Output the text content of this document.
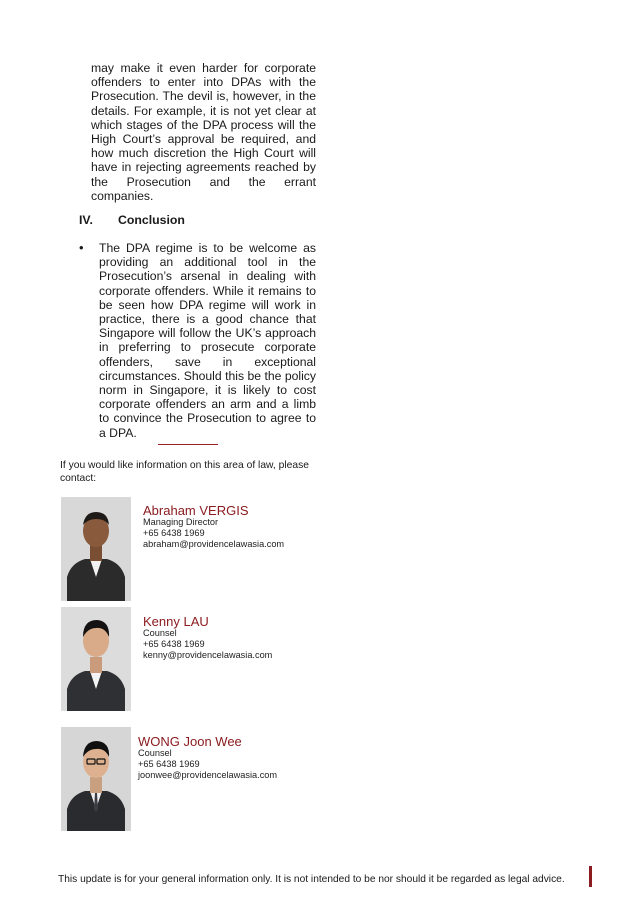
may make it even harder for corporate offenders to enter into DPAs with the Prosecution. The devil is, however, in the details. For example, it is not yet clear at which stages of the DPA process will the High Court’s approval be required, and how much discretion the High Court will have in rejecting agreements reached by the Prosecution and the errant companies.
IV. Conclusion
• The DPA regime is to be welcome as providing an additional tool in the Prosecution’s arsenal in dealing with corporate offenders. While it remains to be seen how DPA regime will work in practice, there is a good chance that Singapore will follow the UK’s approach in preferring to prosecute corporate offenders, save in exceptional circumstances. Should this be the policy norm in Singapore, it is likely to cost corporate offenders an arm and a limb to convince the Prosecution to agree to a DPA.
If you would like information on this area of law, please contact:
Abraham VERGIS
Managing Director
+65 6438 1969
abraham@providencelawasia.com
Kenny LAU
Counsel
+65 6438 1969
kenny@providencelawasia.com
WONG Joon Wee
Counsel
+65 6438 1969
joonwee@providencelawasia.com
This update is for your general information only. It is not intended to be nor should it be regarded as legal advice.
